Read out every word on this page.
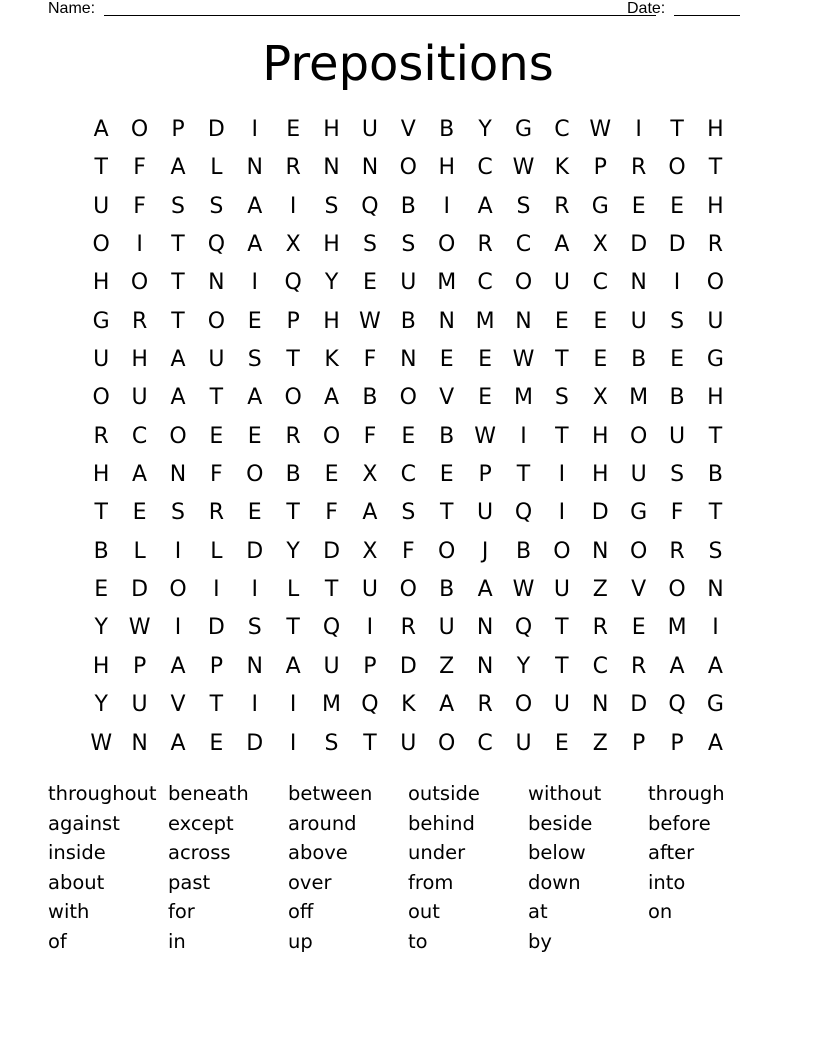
Name:	Date:
Prepositions
A	O	P	D	I	E	H	U	V	B	Y	G	C W	I	T	H
T	F	A	L	N	R	N N O H	C W K	P	R	O	T
U	F	S	S	A	I	S	Q	B	I	A	S	R	G	E	E	H
O	I	T	Q	A	X	H	S	S	O	R	C	A	X	D D	R
H O	T	N	I	Q	Y	E	U M C	O U	C	N	I	O
G	R	T	O	E	P	H W B	N M N	E	E	U	S	U
U	H	A	U	S	T	K	F	N	E	E W T	E	B	E	G
O U	A	T	A	O	A	B	O	V	E M S	X M B	H
R	C	O	E	E	R	O	F	E	B W	I	T	H O U	T
H	A	N	F	O	B	E	X	C	E	P	T	I	H	U	S	B
T	E	S	R	E	T	F	A	S	T	U Q	I	D G	F	T
B	L	I	L	D	Y	D	X	F	O	J	B	O N O	R	S
E	D O	I	I	L	T	U O	B	A W U	Z	V	O N
Y W	I	D	S	T	Q	I	R	U	N Q	T	R	E M	I
H	P	A	P	N	A	U	P	D	Z	N	Y	T	C	R	A	A
Y	U	V	T	I	I	M Q	K	A	R	O U	N D Q G
W N	A	E	D	I	S	T	U O	C	U	E	Z	P	P	A
throughout beneath	between	outside	without	through
against	except	around	behind	beside	before
inside	across	above	under	below	after
about	past	over	from	down	into
with	for	off	out	at	on
of	in	up	to	by
